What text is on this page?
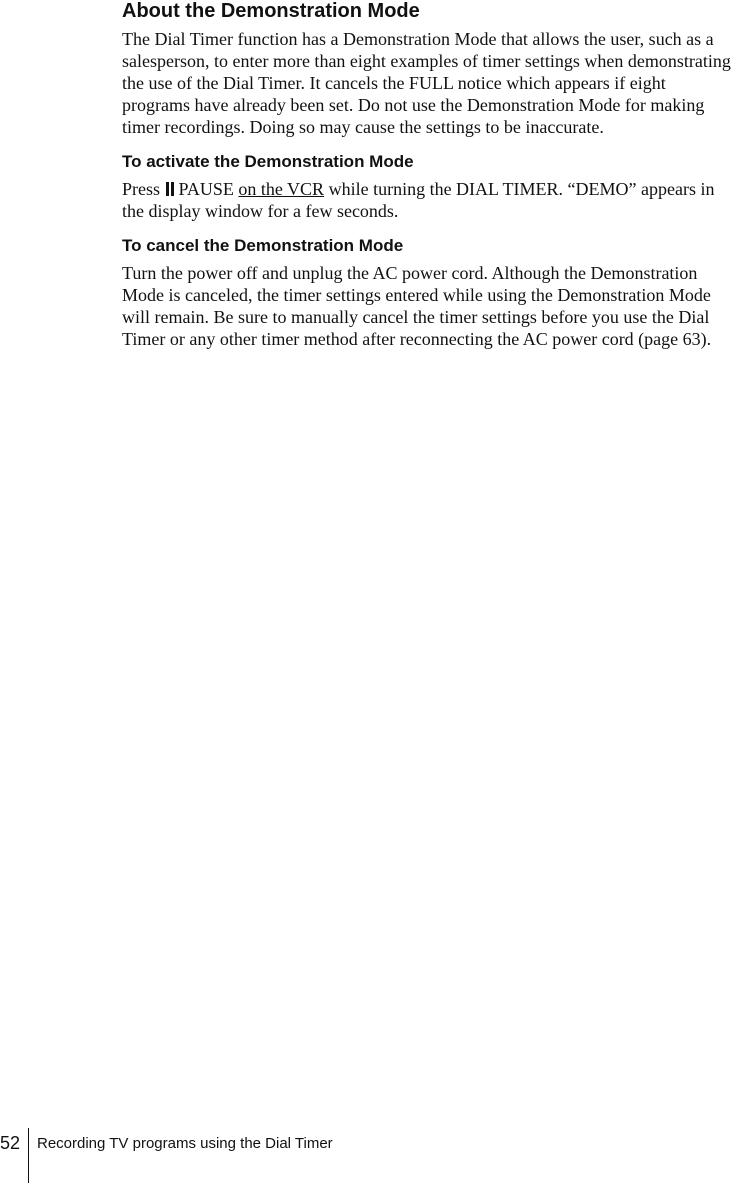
About the Demonstration Mode

The Dial Timer function has a Demonstration Mode that allows the user, such as a
salesperson, to enter more than eight examples of timer settings when demonstrating
the use of the Dial Timer. It cancels the FULL notice which appears if eight
programs have already been set. Do not use the Demonstration Mode for making
timer recordings. Doing so may cause the settings to be inaccurate.

To activate the Demonstration Mode

Press PAUSE on the VCR while turning the DIAL TIMER. “DEMO” appears in
the display window for a few seconds.

To cancel the Demonstration Mode

Turn the power off and unplug the AC power cord. Although the Demonstration
Mode is canceled, the timer settings entered while using the Demonstration Mode
will remain. Be sure to manually cancel the timer settings before you use the Dial
Timer or any other timer method after reconnecting the AC power cord (page 63).

52 Recording TV programs using the Dial Timer
